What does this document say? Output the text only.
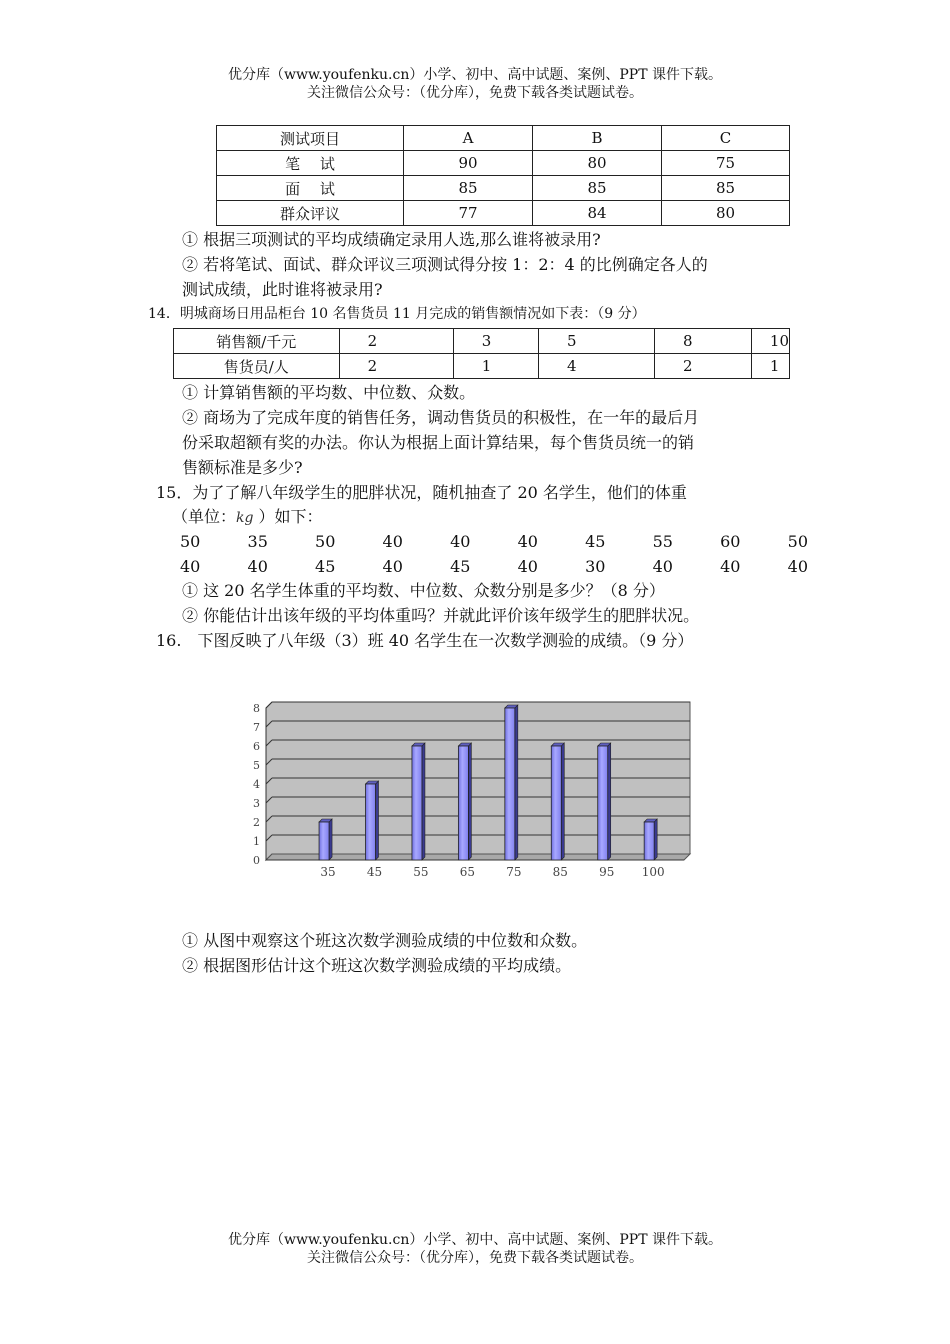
优分库（www.youfenku.cn）小学、初中、高中试题、案例、PPT 课件下载。
关注微信公众号：（优分库），免费下载各类试题试卷。
测试项目	A	B	C
笔　 试	90	80	75
面　 试	85	85	85
群众评议	77	84	80
① 根据三项测试的平均成绩确定录用人选,那么谁将被录用?
② 若将笔试、面试、群众评议三项测试得分按 1：2：4 的比例确定各人的
测试成绩，此时谁将被录用?
14．明城商场日用品柜台 10 名售货员 11 月完成的销售额情况如下表：（9 分）
销售额/千元	2	3	5	8	10
售货员/人	2	1	4	2	1
① 计算销售额的平均数、中位数、众数。
② 商场为了完成年度的销售任务，调动售货员的积极性，在一年的最后月
份采取超额有奖的办法。你认为根据上面计算结果，每个售货员统一的销
售额标准是多少?
15．为了了解八年级学生的肥胖状况，随机抽查了 20 名学生，他们的体重
（单位：kg ）如下：
50	35	50	40	40	40	45	55	60	50
40	40	45	40	45	40	30	40	40	40
① 这 20 名学生体重的平均数、中位数、众数分别是多少？（8 分）
② 你能估计出该年级的平均体重吗？并就此评价该年级学生的肥胖状况。
16.　下图反映了八年级（3）班 40 名学生在一次数学测验的成绩。（9 分）
0
1
2
3
4
5
6
7
8
35	45	55	65	75	85	95 100
① 从图中观察这个班这次数学测验成绩的中位数和众数。
② 根据图形估计这个班这次数学测验成绩的平均成绩。
优分库（www.youfenku.cn）小学、初中、高中试题、案例、PPT 课件下载。
关注微信公众号：（优分库），免费下载各类试题试卷。
